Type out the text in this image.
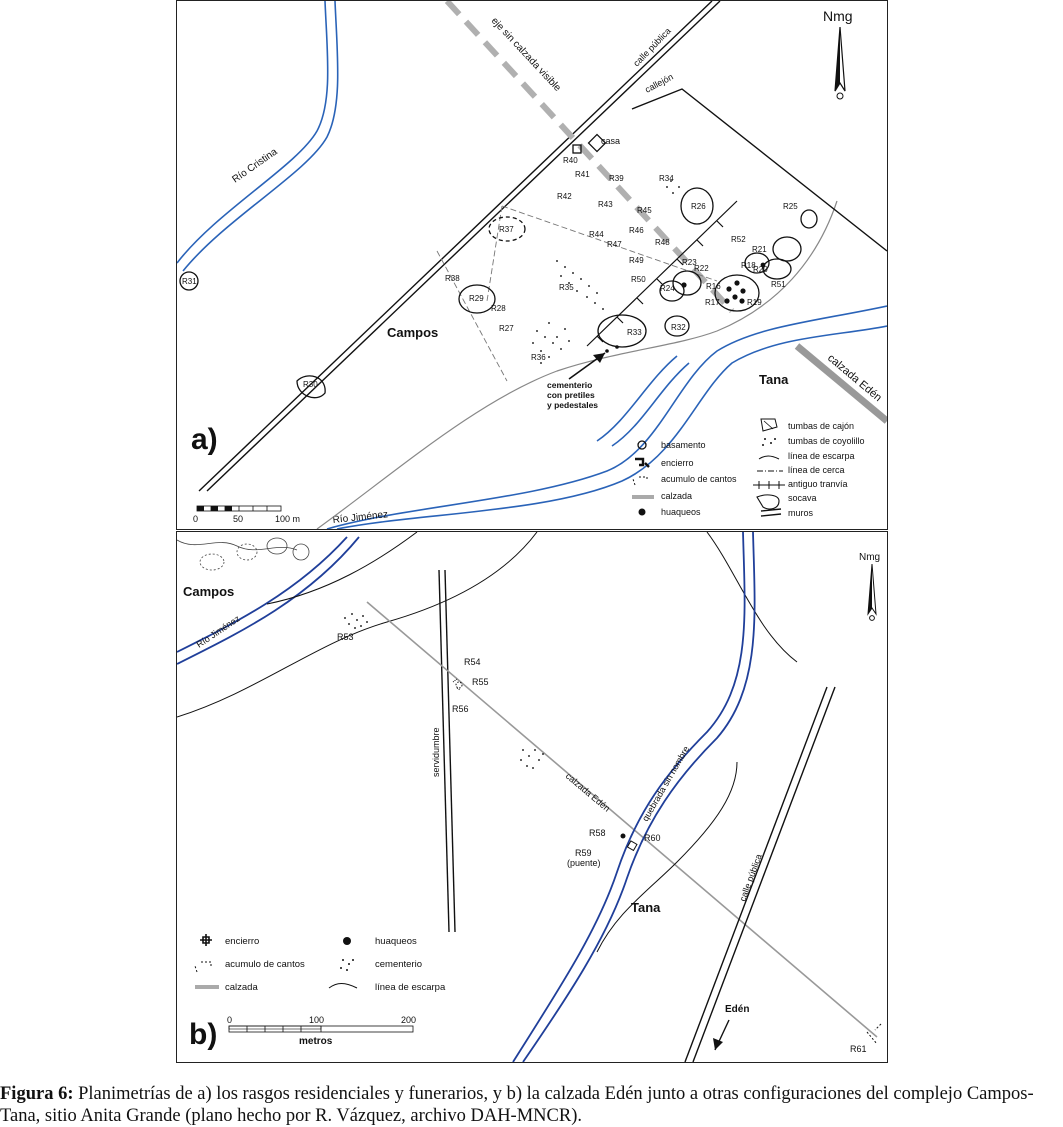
Río Cristina
Río Jiménez
calle pública
callejón
eje sin calzada visible
calzada Edén
R16
R17
R18
R19
R20
R21
R22
R23
R24
R25
R26
R27
R28
R29
R30
R31
R32
R33
R34
R35
R36
R37
R38
R39
R40
R41
R42
R43
R44
R45
R46
R47	R48
R49
R50
R51
R52
casa
Campos
Tana
cementerio
con pretiles
y pedestales
Nmg
a)
0	50	100 m
basamento
encierro
acumulo de cantos
calzada
huaqueos
tumbas de cajón
tumbas de coyolillo
línea de escarpa
línea de cerca
antiguo tranvía
socava
muros
Río Jiménez
servidumbre
calzada Edén	quebrada sin nombre
calle pública
R53
R54
R55
R56
R58
R59
(puente)
R60
R61
Campos
Tana
Edén
Nmg
encierro
acumulo de cantos
calzada
huaqueos
cementerio
línea de escarpa
b) 0	100	200
metros
Figura 6: Planimetrías de a) los rasgos residenciales y funerarios, y b) la calzada Edén junto a otras configuraciones del complejo Campos-Tana, sitio Anita Grande (plano hecho por R. Vázquez, archivo DAH-MNCR).
